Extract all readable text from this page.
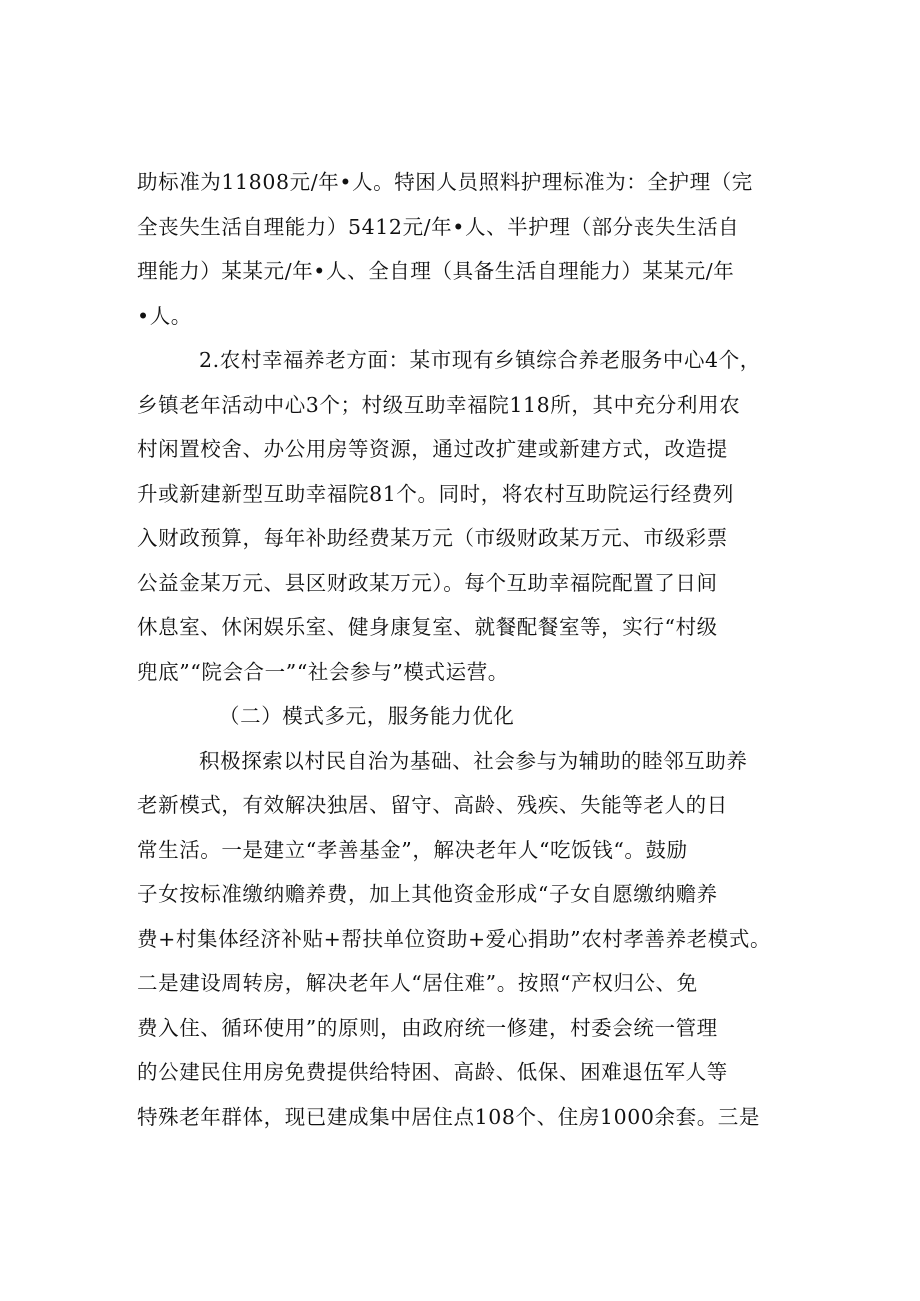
助标准为11808元/年•人。特困人员照料护理标准为：全护理（完
全丧失生活自理能力）5412元/年•人、半护理（部分丧失生活自
理能力）某某元/年•人、全自理（具备生活自理能力）某某元/年
•人。
2.农村幸福养老方面：某市现有乡镇综合养老服务中心4个，
乡镇老年活动中心3个；村级互助幸福院118所，其中充分利用农
村闲置校舍、办公用房等资源，通过改扩建或新建方式，改造提
升或新建新型互助幸福院81个。同时，将农村互助院运行经费列
入财政预算，每年补助经费某万元（市级财政某万元、市级彩票
公益金某万元、县区财政某万元）。每个互助幸福院配置了日间
休息室、休闲娱乐室、健身康复室、就餐配餐室等，实行“村级
兜底”“院会合一”“社会参与”模式运营。
（二）模式多元，服务能力优化
积极探索以村民自治为基础、社会参与为辅助的睦邻互助养
老新模式，有效解决独居、留守、高龄、残疾、失能等老人的日
常生活。一是建立“孝善基金”，解决老年人“吃饭钱“。鼓励
子女按标准缴纳赡养费，加上其他资金形成“子女自愿缴纳赡养
费+村集体经济补贴+帮扶单位资助+爱心捐助”农村孝善养老模式。
二是建设周转房，解决老年人“居住难”。按照“产权归公、免
费入住、循环使用”的原则，由政府统一修建，村委会统一管理
的公建民住用房免费提供给特困、高龄、低保、困难退伍军人等
特殊老年群体，现已建成集中居住点108个、住房1000余套。三是
